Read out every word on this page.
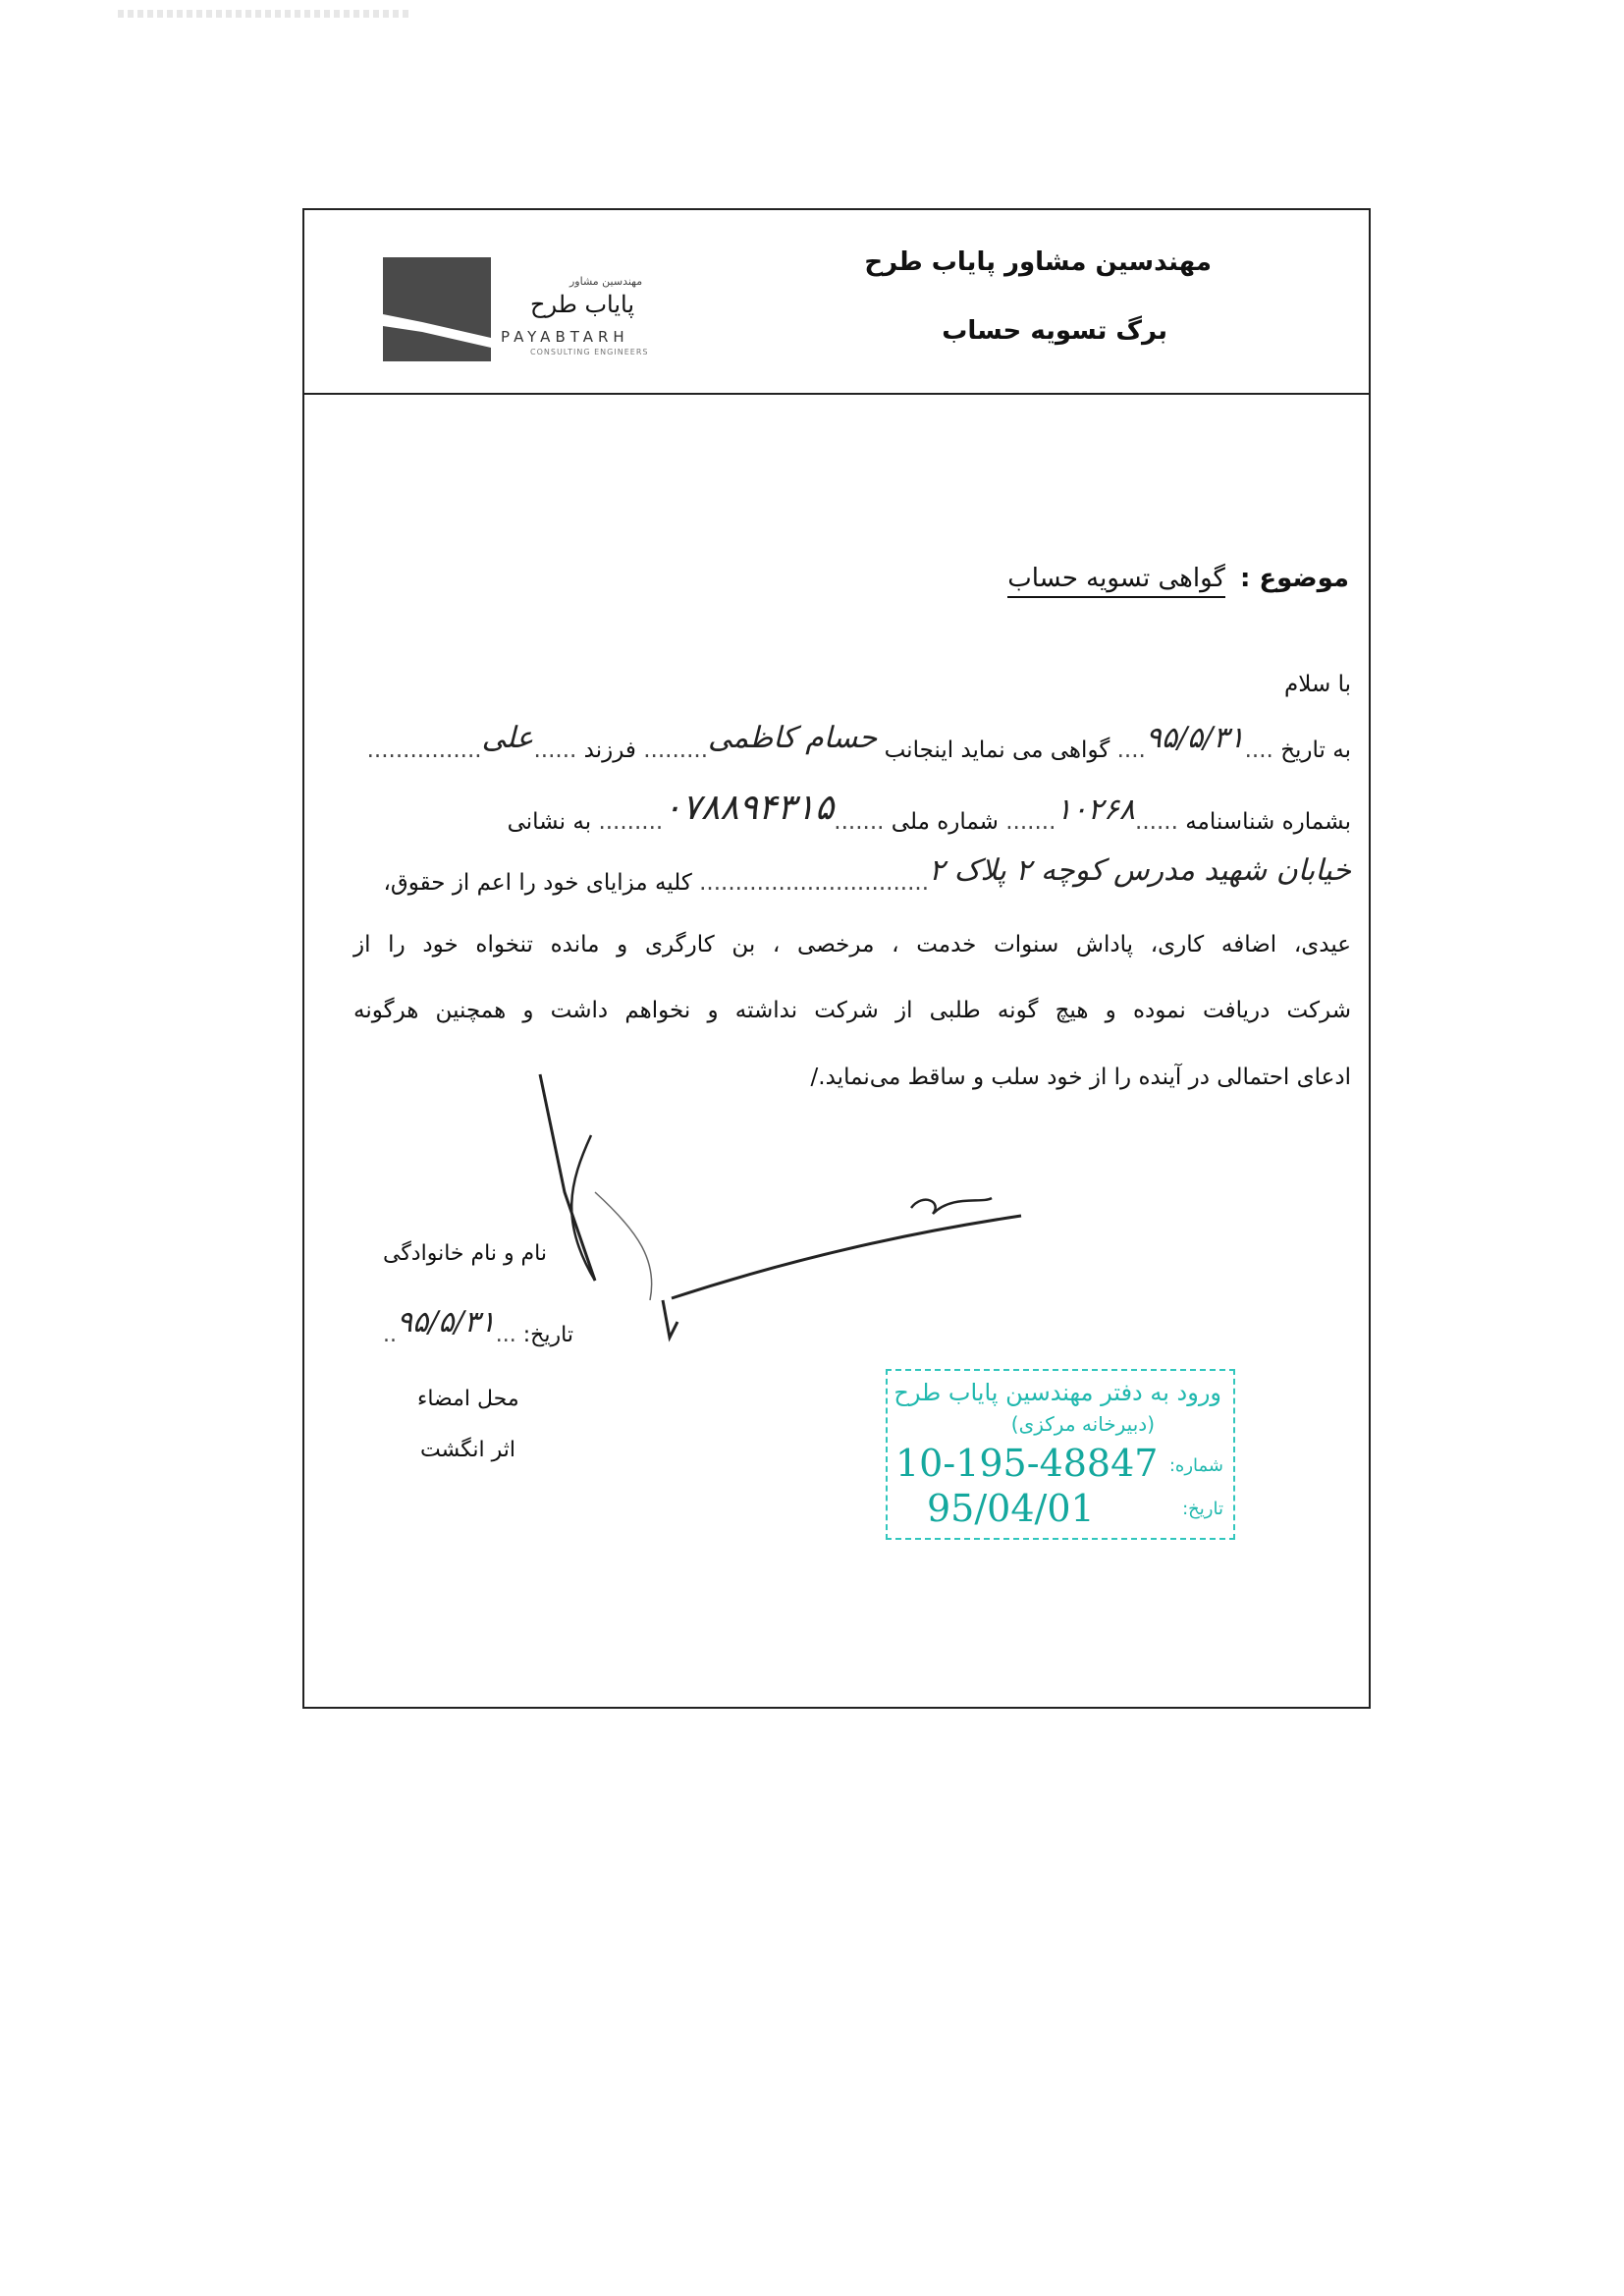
مهندسین مشاور پایاب طرح
برگ تسویه حساب
مهندسین مشاور
پایاب طرح
PAYABTARH
CONSULTING ENGINEERS
موضوع : گواهی تسویه حساب
با سلام
به تاریخ ....۹۵/۵/۳۱.... گواهی می نماید اینجانب حسام کاظمی......... فرزند ......علی................
بشماره شناسنامه ......۱۰۲۶۸....... شماره ملی .......۰۷۸۸۹۴۳۱۵......... به نشانی
خیابان شهید مدرس کوچه ۲ پلاک ۲................................ کلیه مزایای خود را اعم از حقوق،
عیدی، اضافه کاری، پاداش سنوات خدمت ، مرخصی ، بن کارگری و مانده تنخواه خود را از
شرکت دریافت نموده و هیچ گونه طلبی از شرکت نداشته و نخواهم داشت و همچنین هرگونه
ادعای احتمالی در آینده را از خود سلب و ساقط می‌نماید./
نام و نام خانوادگی
تاریخ: ...۹۵/۵/۳۱..
محل امضاء
اثر انگشت
ورود به دفتر مهندسین پایاب طرح
(دبیرخانه مرکزی)
شماره:
10-195-48847
تاریخ:
95/04/01
